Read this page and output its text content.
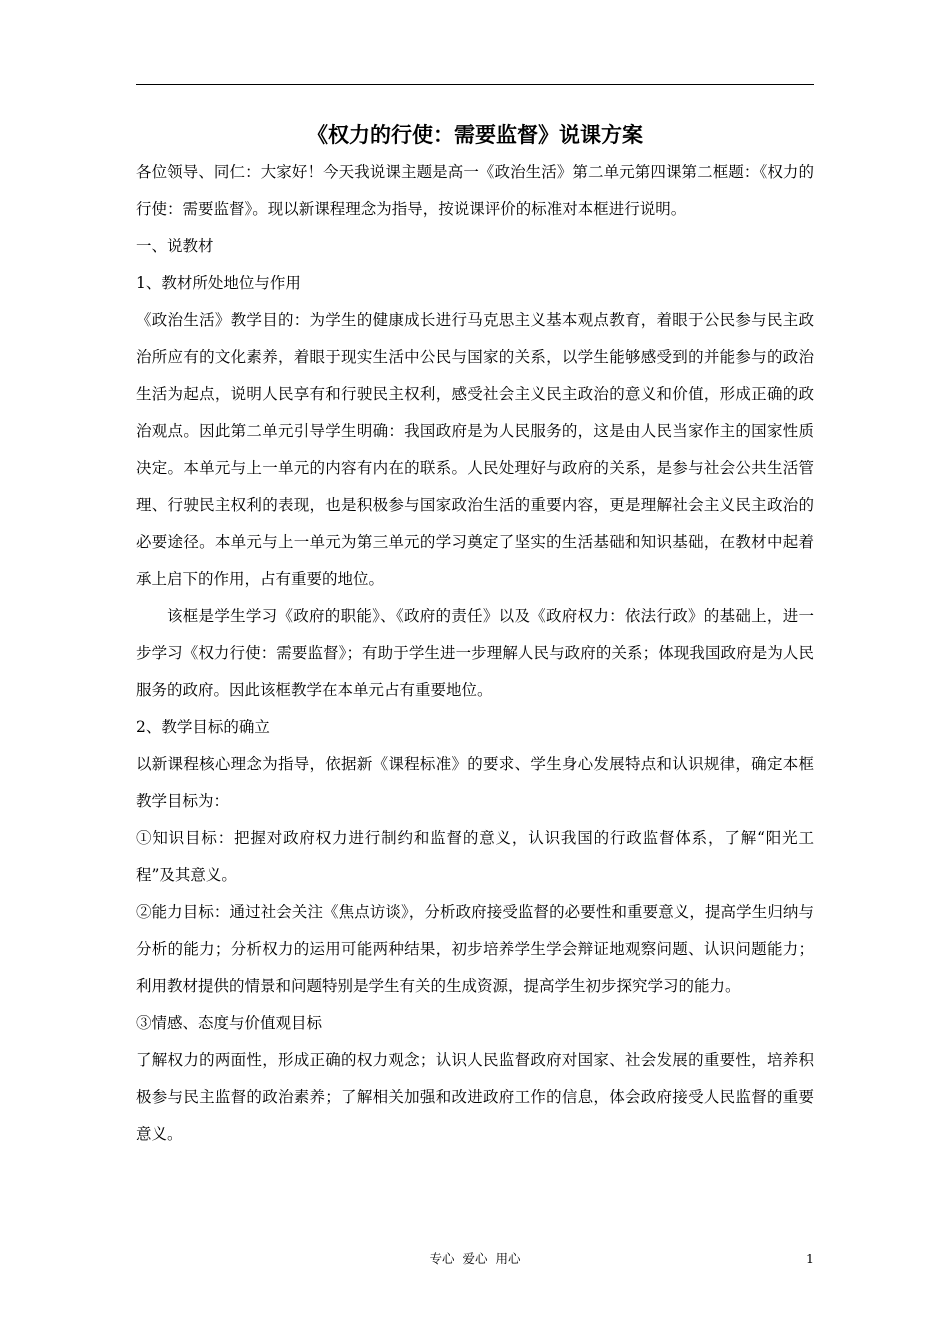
《权力的行使：需要监督》说课方案

各位领导、同仁：大家好！今天我说课主题是高一《政治生活》第二单元第四课第二框题：《权力的行使：需要监督》。现以新课程理念为指导，按说课评价的标准对本框进行说明。

一、说教材

1、教材所处地位与作用

《政治生活》教学目的：为学生的健康成长进行马克思主义基本观点教育，着眼于公民参与民主政治所应有的文化素养，着眼于现实生活中公民与国家的关系，以学生能够感受到的并能参与的政治生活为起点，说明人民享有和行驶民主权利，感受社会主义民主政治的意义和价值，形成正确的政治观点。因此第二单元引导学生明确：我国政府是为人民服务的，这是由人民当家作主的国家性质决定。本单元与上一单元的内容有内在的联系。人民处理好与政府的关系，是参与社会公共生活管理、行驶民主权利的表现，也是积极参与国家政治生活的重要内容，更是理解社会主义民主政治的必要途径。本单元与上一单元为第三单元的学习奠定了坚实的生活基础和知识基础，在教材中起着承上启下的作用，占有重要的地位。

该框是学生学习《政府的职能》、《政府的责任》以及《政府权力：依法行政》的基础上，进一步学习《权力行使：需要监督》；有助于学生进一步理解人民与政府的关系；体现我国政府是为人民服务的政府。因此该框教学在本单元占有重要地位。

2、教学目标的确立

以新课程核心理念为指导，依据新《课程标准》的要求、学生身心发展特点和认识规律，确定本框教学目标为：

①知识目标：把握对政府权力进行制约和监督的意义，认识我国的行政监督体系，了解“阳光工程”及其意义。

②能力目标：通过社会关注《焦点访谈》，分析政府接受监督的必要性和重要意义，提高学生归纳与分析的能力；分析权力的运用可能两种结果，初步培养学生学会辩证地观察问题、认识问题能力；利用教材提供的情景和问题特别是学生有关的生成资源，提高学生初步探究学习的能力。

③情感、态度与价值观目标

了解权力的两面性，形成正确的权力观念；认识人民监督政府对国家、社会发展的重要性，培养积极参与民主监督的政治素养；了解相关加强和改进政府工作的信息，体会政府接受人民监督的重要意义。

专心  爱心  用心	1
